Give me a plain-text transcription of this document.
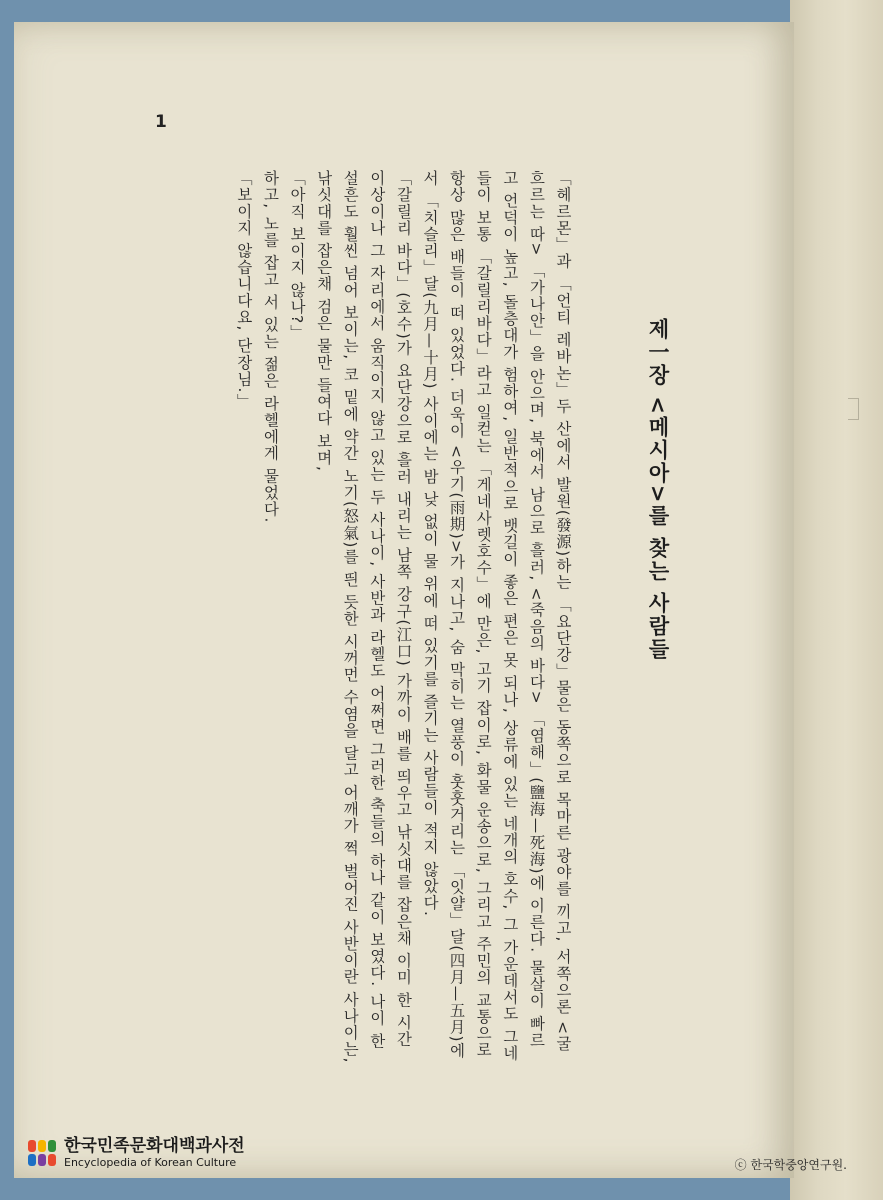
1
제一장 <메시아>를 찾는 사람들

「헤르몬」과 「언티 레바논」두 산에서 발원(發源)하는 「요단강」물은 동쪽으로 목마른 광야를 끼고, 서쪽으론 <굴 흐르는 따> 「가나안」을 안으며, 북에서 남으로 흘러, <죽음의 바다> 「염해」(鹽海—死海)에 이른다. 물살이 빠르고 언덕이 높고, 돌층대가 험하여, 일반적으로 뱃길이 좋은 편은 못 되나, 상류에 있는 네개의 호수, 그 가운데서도 그네들이 보통 「갈릴리바다」라고 일컫는 「게네사렛호수」에 만은, 고기 잡이로, 화물 운송으로, 그리고 주민의 교통으로 항상 많은 배들이 떠 있었다. 더욱이 <우기(雨期)>가 지나고, 숨 막히는 열풍이 훗훗거리는 「잇얄」달(四月—五月)에서 「치슬리」달(九月—十月) 사이에는 밤 낮 없이 물 위에 떠 있기를 즐기는 사람들이 적지 않았다.

「갈릴리 바다」(호수)가 요단강으로 흘러 내리는 남쪽 강구(江口) 가까이 배를 띄우고 낚싯대를 잡은채 이미 한 시간 이상이나 그 자리에서 움직이지 않고 있는 두 사나이, 사반과 라헬도 어쩌면 그러한 축들의 하나 같이 보였다. 나이 한 설흔도 훨씬 넘어 보이는, 코 밑에 약간 노기(怒氣)를 띈 듯한 시꺼먼 수염을 달고 어깨가 쩍 벌어진 사반이란 사나이는, 낚싯대를 잡은채 검은 물만 들여다 보며,

「아직 보이지 않나?」

하고, 노를 잡고 서 있는 젊은 라헬에게 물었다.

「보이지 않습니다요, 단장님.」

한국민족문화대백과사전
Encyclopedia of Korean Culture	ⓒ 한국학중앙연구원.
